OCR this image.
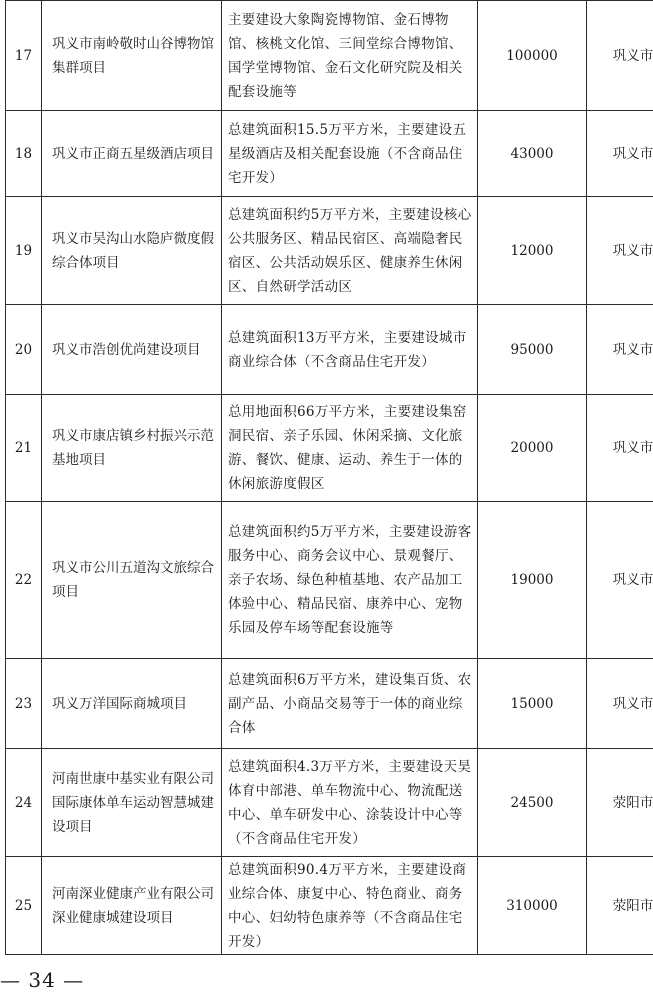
17	巩义市南岭敬时山谷博物馆集群项目	主要建设大象陶瓷博物馆、金石博物馆、核桃文化馆、三间堂综合博物馆、国学堂博物馆、金石文化研究院及相关配套设施等	100000	巩义市
18	巩义市正商五星级酒店项目	总建筑面积15.5万平方米，主要建设五星级酒店及相关配套设施（不含商品住宅开发）	43000	巩义市
19	巩义市吴沟山水隐庐微度假综合体项目	总建筑面积约5万平方米，主要建设核心公共服务区、精品民宿区、高端隐奢民宿区、公共活动娱乐区、健康养生休闲区、自然研学活动区	12000	巩义市
20	巩义市浩创优尚建设项目	总建筑面积13万平方米，主要建设城市商业综合体（不含商品住宅开发）	95000	巩义市
21	巩义市康店镇乡村振兴示范基地项目	总用地面积66万平方米，主要建设集窑洞民宿、亲子乐园、休闲采摘、文化旅游、餐饮、健康、运动、养生于一体的休闲旅游度假区	20000	巩义市
22	巩义市公川五道沟文旅综合项目	总建筑面积约5万平方米，主要建设游客服务中心、商务会议中心、景观餐厅、亲子农场、绿色种植基地、农产品加工体验中心、精品民宿、康养中心、宠物乐园及停车场等配套设施等	19000	巩义市
23	巩义万洋国际商城项目	总建筑面积6万平方米，建设集百货、农副产品、小商品交易等于一体的商业综合体	15000	巩义市
24	河南世康中基实业有限公司国际康体单车运动智慧城建设项目	总建筑面积4.3万平方米，主要建设天昊体育中部港、单车物流中心、物流配送中心、单车研发中心、涂装设计中心等（不含商品住宅开发）	24500	荥阳市
25	河南深业健康产业有限公司深业健康城建设项目	总建筑面积90.4万平方米，主要建设商业综合体、康复中心、特色商业、商务中心、妇幼特色康养等（不含商品住宅开发）	310000	荥阳市
— 34 —
